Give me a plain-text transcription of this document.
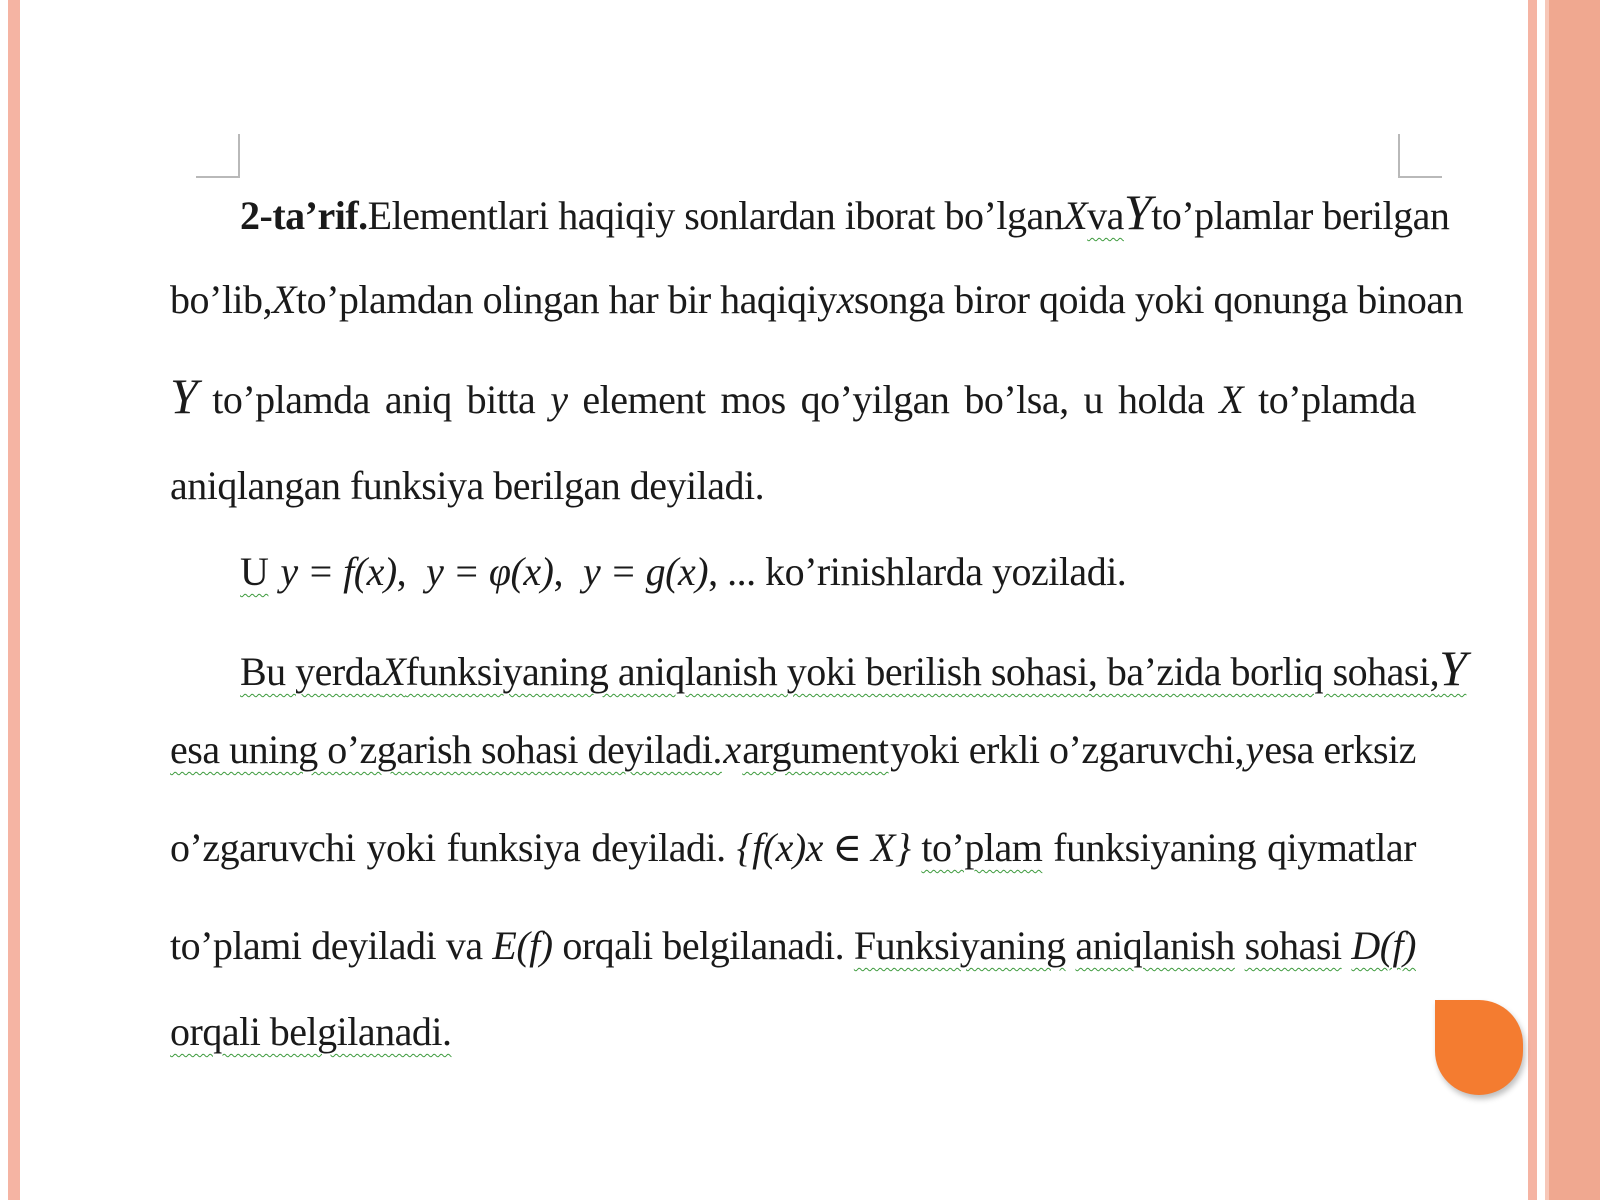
2-ta’rif. Elementlari haqiqiy sonlardan iborat bo’lgan X va Y to’plamlar berilgan
bo’lib, X to’plamdan olingan har bir haqiqiy x songa biror qoida yoki qonunga binoan
Y to’plamda aniq bitta y element mos qo’yilgan bo’lsa, u holda X to’plamda
aniqlangan funksiya berilgan deyiladi.
U y = f(x) , y = φ(x) , y = g(x) , ... ko’rinishlarda yoziladi.
Bu yerda X funksiyaning aniqlanish yoki berilish sohasi, ba’zida borliq sohasi, Y
esa uning o’zgarish sohasi deyiladi. x argument yoki erkli o’zgaruvchi, y esa erksiz
o’zgaruvchi yoki funksiya deyiladi. {f(x)x ∈ X} to’plam funksiyaning qiymatlar
to’plami deyiladi va E(f) orqali belgilanadi. Funksiyaning aniqlanish sohasi D(f)
orqali belgilanadi.
